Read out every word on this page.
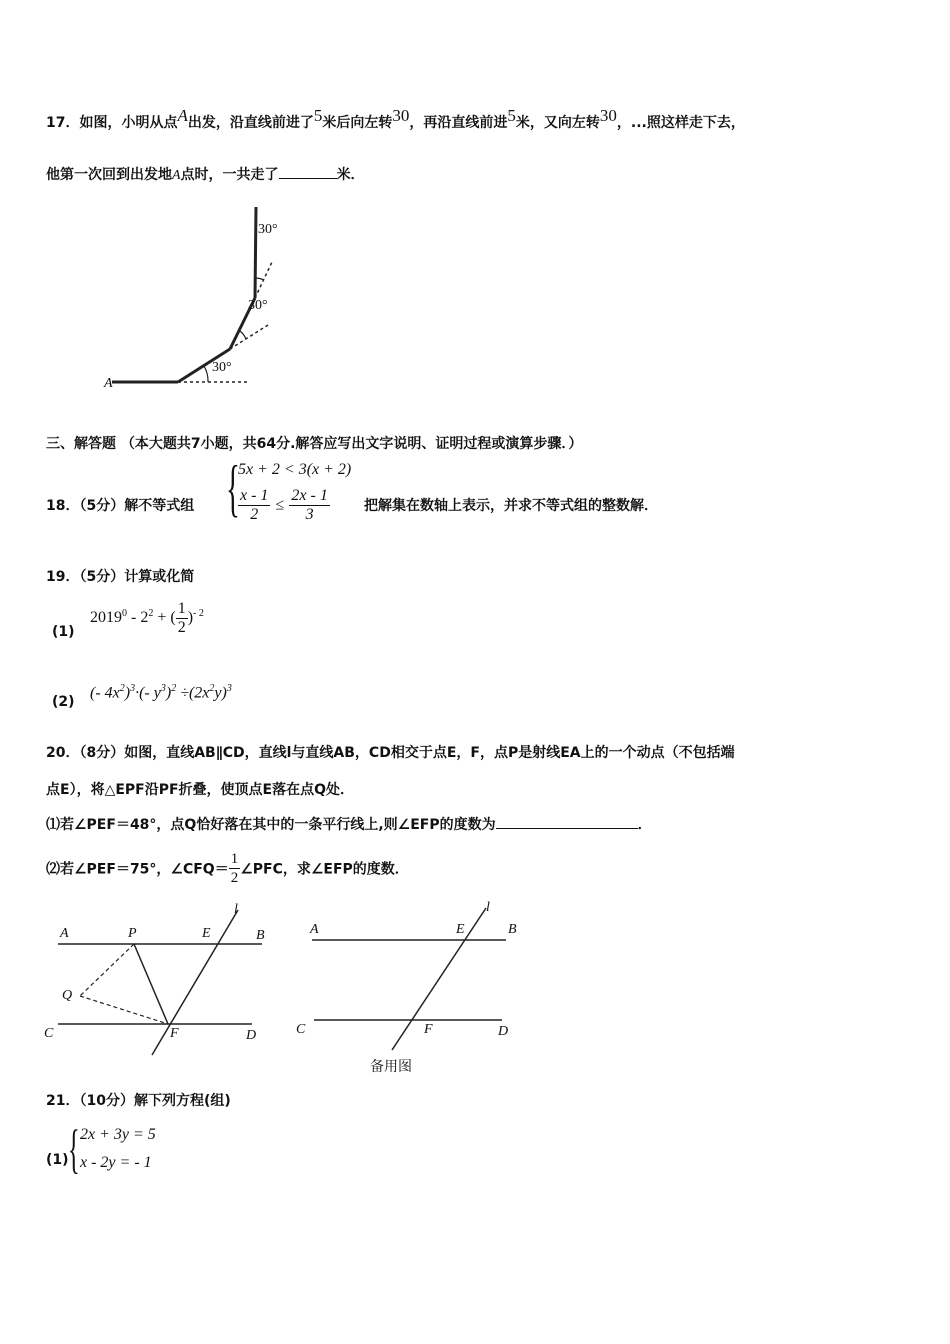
17．如图，小明从点A出发，沿直线前进了5米后向左转30，再沿直线前进5米，又向左转30，...照这样走下去，
他第一次回到出发地A点时，一共走了	米．
A
30°
30°
30°
三、解答题 （本大题共7小题，共64分.解答应写出文字说明、证明过程或演算步骤．）
{
5x + 2 < 3(x + 2)
18．（5分）解不等式组	$\frac{x - 1}{2} \le \frac{2x - 1}{3}$ 把解集在数轴上表示，并求不等式组的整数解．
19．（5分）计算或化简
(1)
$2019^0 - 2^2$ + ( $\frac{1}{2} )^{- 2}$
(2)
(- $4x^2)^3\cdot(-$ $y^3)^2 \div(2x^2y)^3$
20．（8分）如图，直线AB∥CD，直线l与直线AB，CD相交于点E，F，点P是射线EA上的一个动点（不包括端
点E），将△EPF沿PF折叠，使顶点E落在点Q处．
⑴若∠PEF＝48°，点Q恰好落在其中的一条平行线上,则∠EFP的度数为	．
⑵若∠PEF＝75°，∠CFQ＝ $\frac{1}{2}$ ∠PFC，求∠EFP的度数．
A	P	E
l
B
Q
C	F	D
A	E
l
B
C	F	D
备用图
21．（10分）解下列方程(组)
(1) { 2x + 3y = 5
x - 2y = - 1
